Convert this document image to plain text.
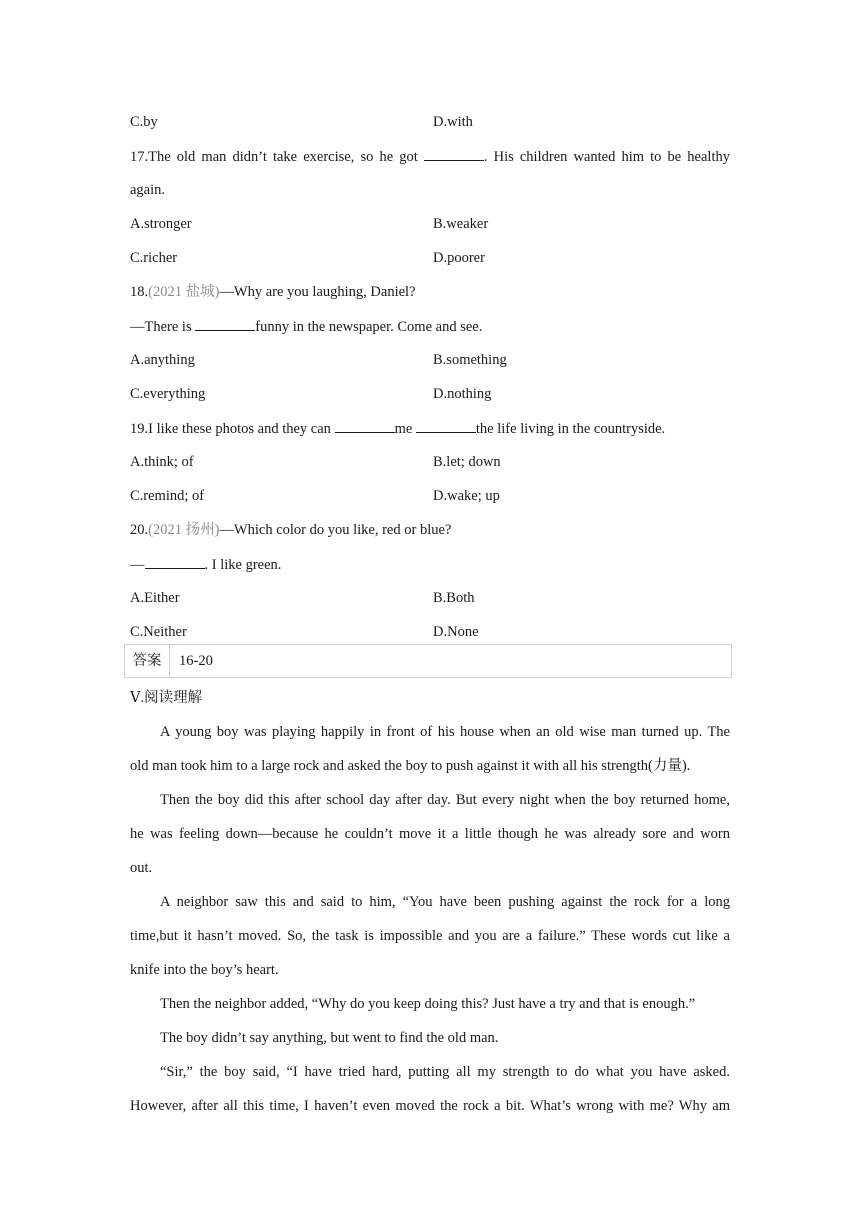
C.by	D.with
17.The old man didn’t take exercise, so he got	. His children wanted him to be healthy
again.
A.stronger	B.weaker
C.richer	D.poorer
18.(2021 盐城)—Why are you laughing, Daniel?
—There is	funny in the newspaper. Come and see.
A.anything	B.something
C.everything	D.nothing
19.I like these photos and they can	me	the life living in the countryside.
A.think; of	B.let; down
C.remind; of	D.wake; up
20.(2021 扬州)—Which color do you like, red or blue?
—	. I like green.
A.Either	B.Both
C.Neither	D.None
答案	16-20
Ⅴ.阅读理解
A young boy was playing happily in front of his house when an old wise man turned up. The
old man took him to a large rock and asked the boy to push against it with all his strength(力量).
Then the boy did this after school day after day. But every night when the boy returned home,
he was feeling down—because he couldn’t move it a little though he was already sore and worn
out.
A neighbor saw this and said to him, “You have been pushing against the rock for a long
time,but it hasn’t moved. So, the task is impossible and you are a failure.” These words cut like a
knife into the boy’s heart.
Then the neighbor added, “Why do you keep doing this? Just have a try and that is enough.”
The boy didn’t say anything, but went to find the old man.
“Sir,” the boy said, “I have tried hard, putting all my strength to do what you have asked.
However, after all this time, I haven’t even moved the rock a bit. What’s wrong with me? Why am
